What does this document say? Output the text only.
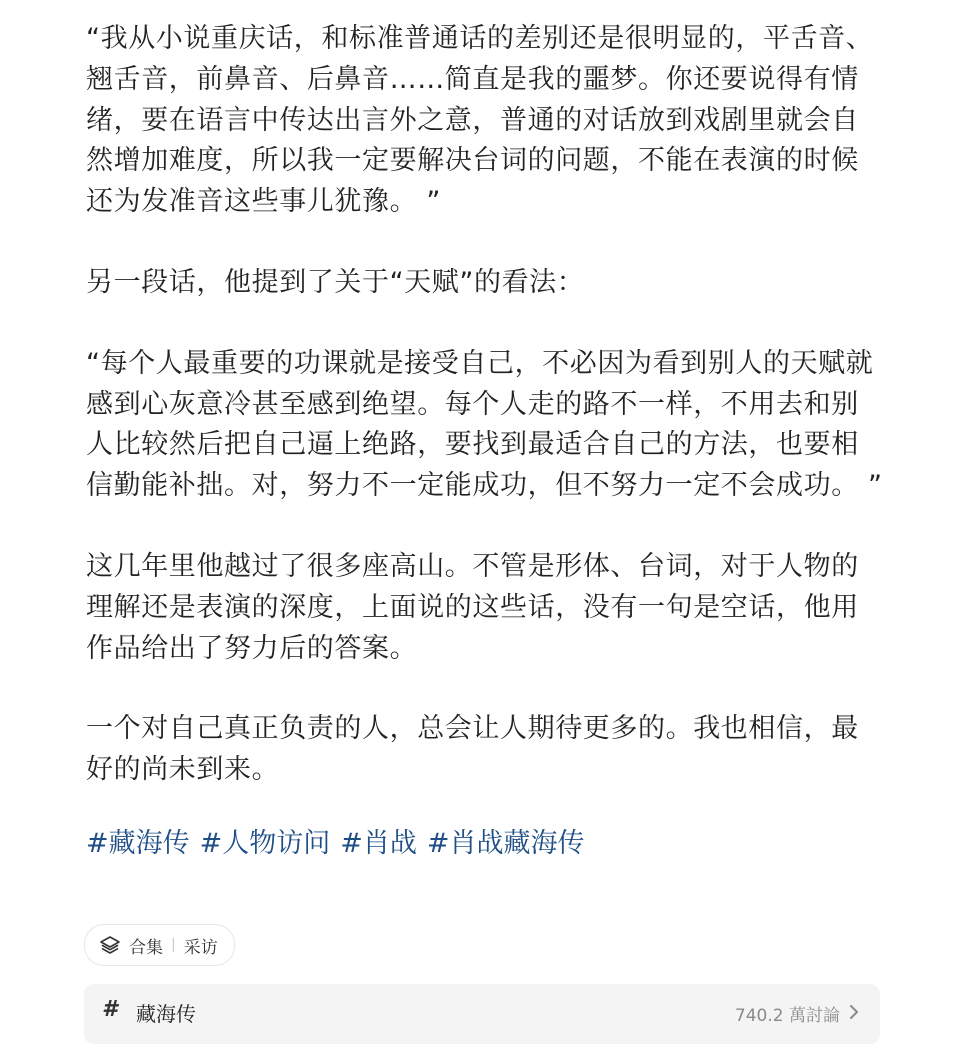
“我从小说重庆话，和标准普通话的差别还是很明显的，平舌音、翘舌音，前鼻音、后鼻音……简直是我的噩梦。你还要说得有情绪，要在语言中传达出言外之意，普通的对话放到戏剧里就会自然增加难度，所以我一定要解决台词的问题，不能在表演的时候还为发准音这些事儿犹豫。 ”

另一段话，他提到了关于“天赋”的看法：

“每个人最重要的功课就是接受自己，不必因为看到别人的天赋就感到心灰意冷甚至感到绝望。每个人走的路不一样，不用去和别人比较然后把自己逼上绝路，要找到最适合自己的方法，也要相信勤能补拙。对，努力不一定能成功，但不努力一定不会成功。 ”

这几年里他越过了很多座高山。不管是形体、台词，对于人物的理解还是表演的深度，上面说的这些话，没有一句是空话，他用作品给出了努力后的答案。

一个对自己真正负责的人，总会让人期待更多的。我也相信，最好的尚未到来。

#藏海传 #人物访问 #肖战 #肖战藏海传
合集 | 采访
# 藏海传	740.2 萬討論
